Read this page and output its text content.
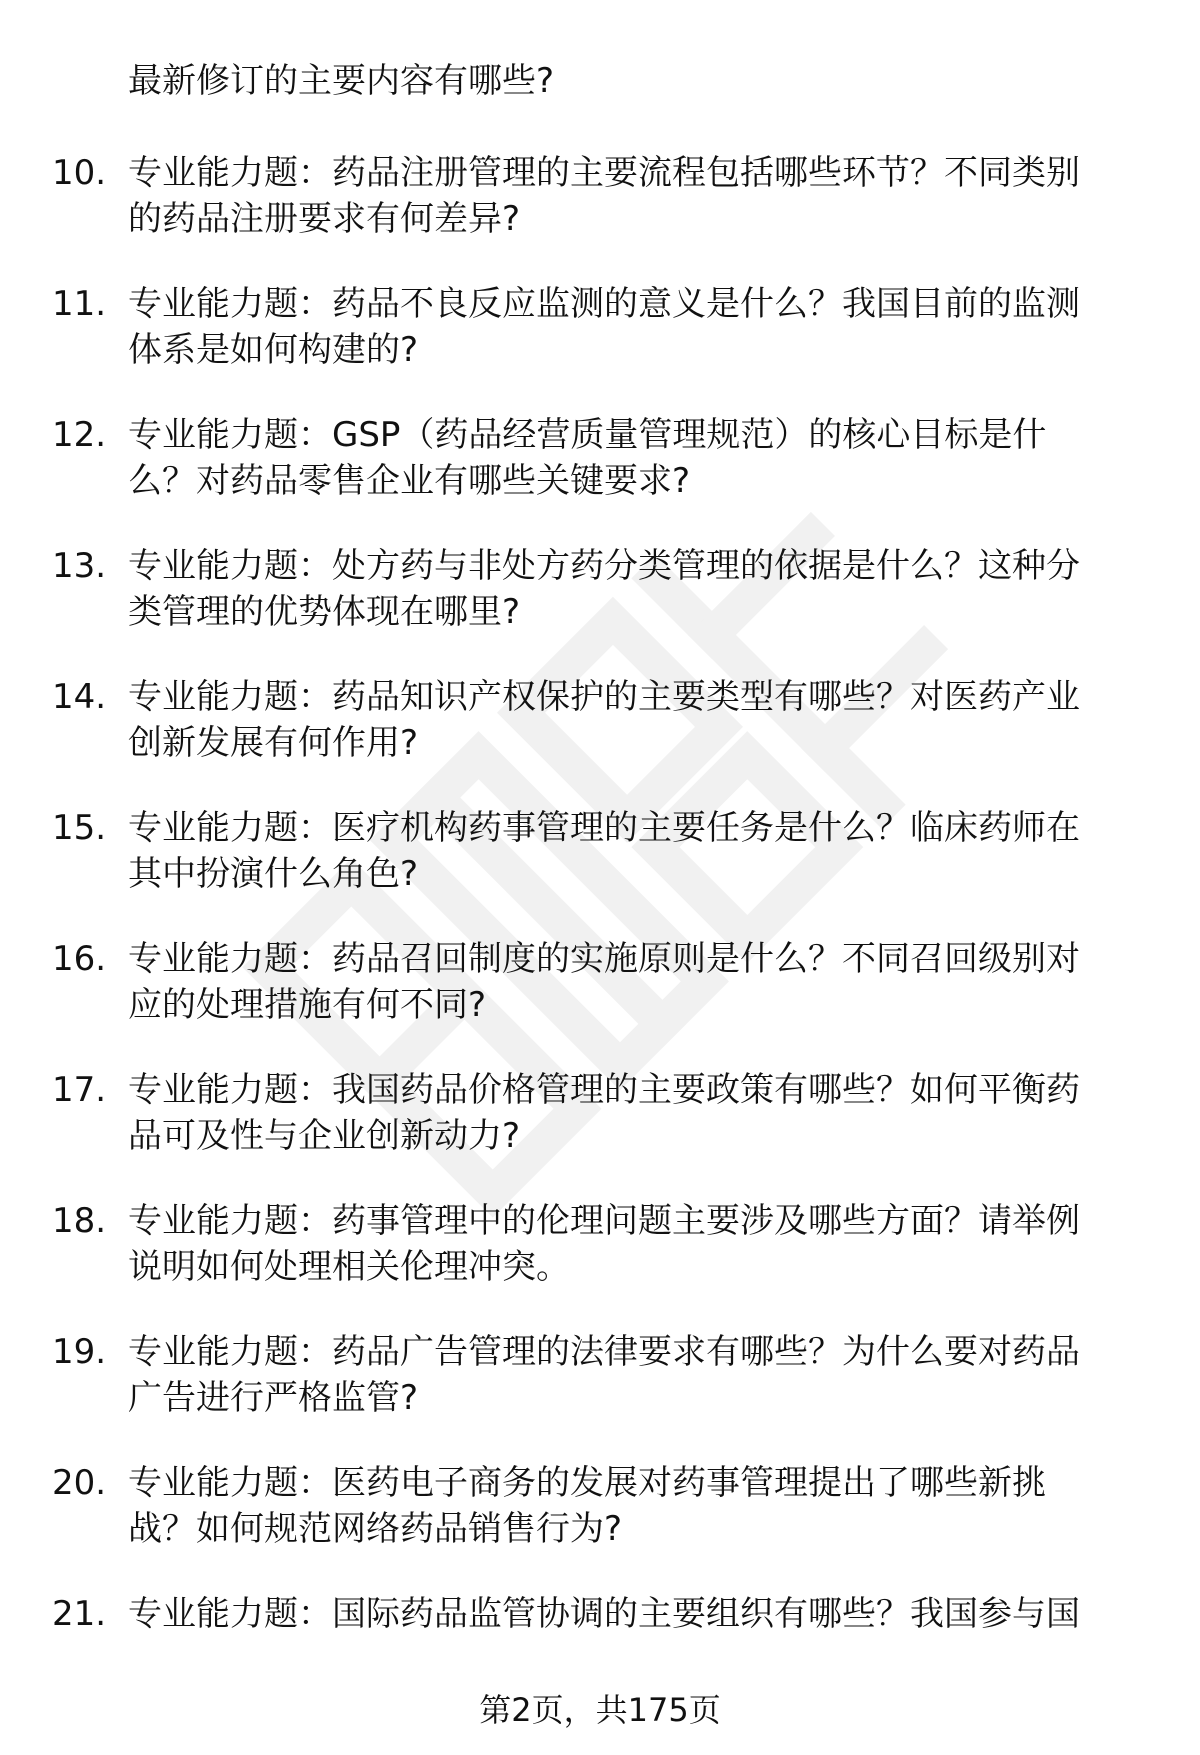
最新修订的主要内容有哪些?
10. 专业能力题：药品注册管理的主要流程包括哪些环节？不同类别
的药品注册要求有何差异?
11. 专业能力题：药品不良反应监测的意义是什么？我国目前的监测
体系是如何构建的?
12. 专业能力题：GSP（药品经营质量管理规范）的核心目标是什
么？对药品零售企业有哪些关键要求?
13. 专业能力题：处方药与非处方药分类管理的依据是什么？这种分
类管理的优势体现在哪里?
14. 专业能力题：药品知识产权保护的主要类型有哪些？对医药产业
创新发展有何作用?
15. 专业能力题：医疗机构药事管理的主要任务是什么？临床药师在
其中扮演什么角色?
16. 专业能力题：药品召回制度的实施原则是什么？不同召回级别对
应的处理措施有何不同?
17. 专业能力题：我国药品价格管理的主要政策有哪些？如何平衡药
品可及性与企业创新动力?
18. 专业能力题：药事管理中的伦理问题主要涉及哪些方面？请举例
说明如何处理相关伦理冲突。
19. 专业能力题：药品广告管理的法律要求有哪些？为什么要对药品
广告进行严格监管?
20. 专业能力题：医药电子商务的发展对药事管理提出了哪些新挑
战？如何规范网络药品销售行为?
21. 专业能力题：国际药品监管协调的主要组织有哪些？我国参与国
第2页，共175页
